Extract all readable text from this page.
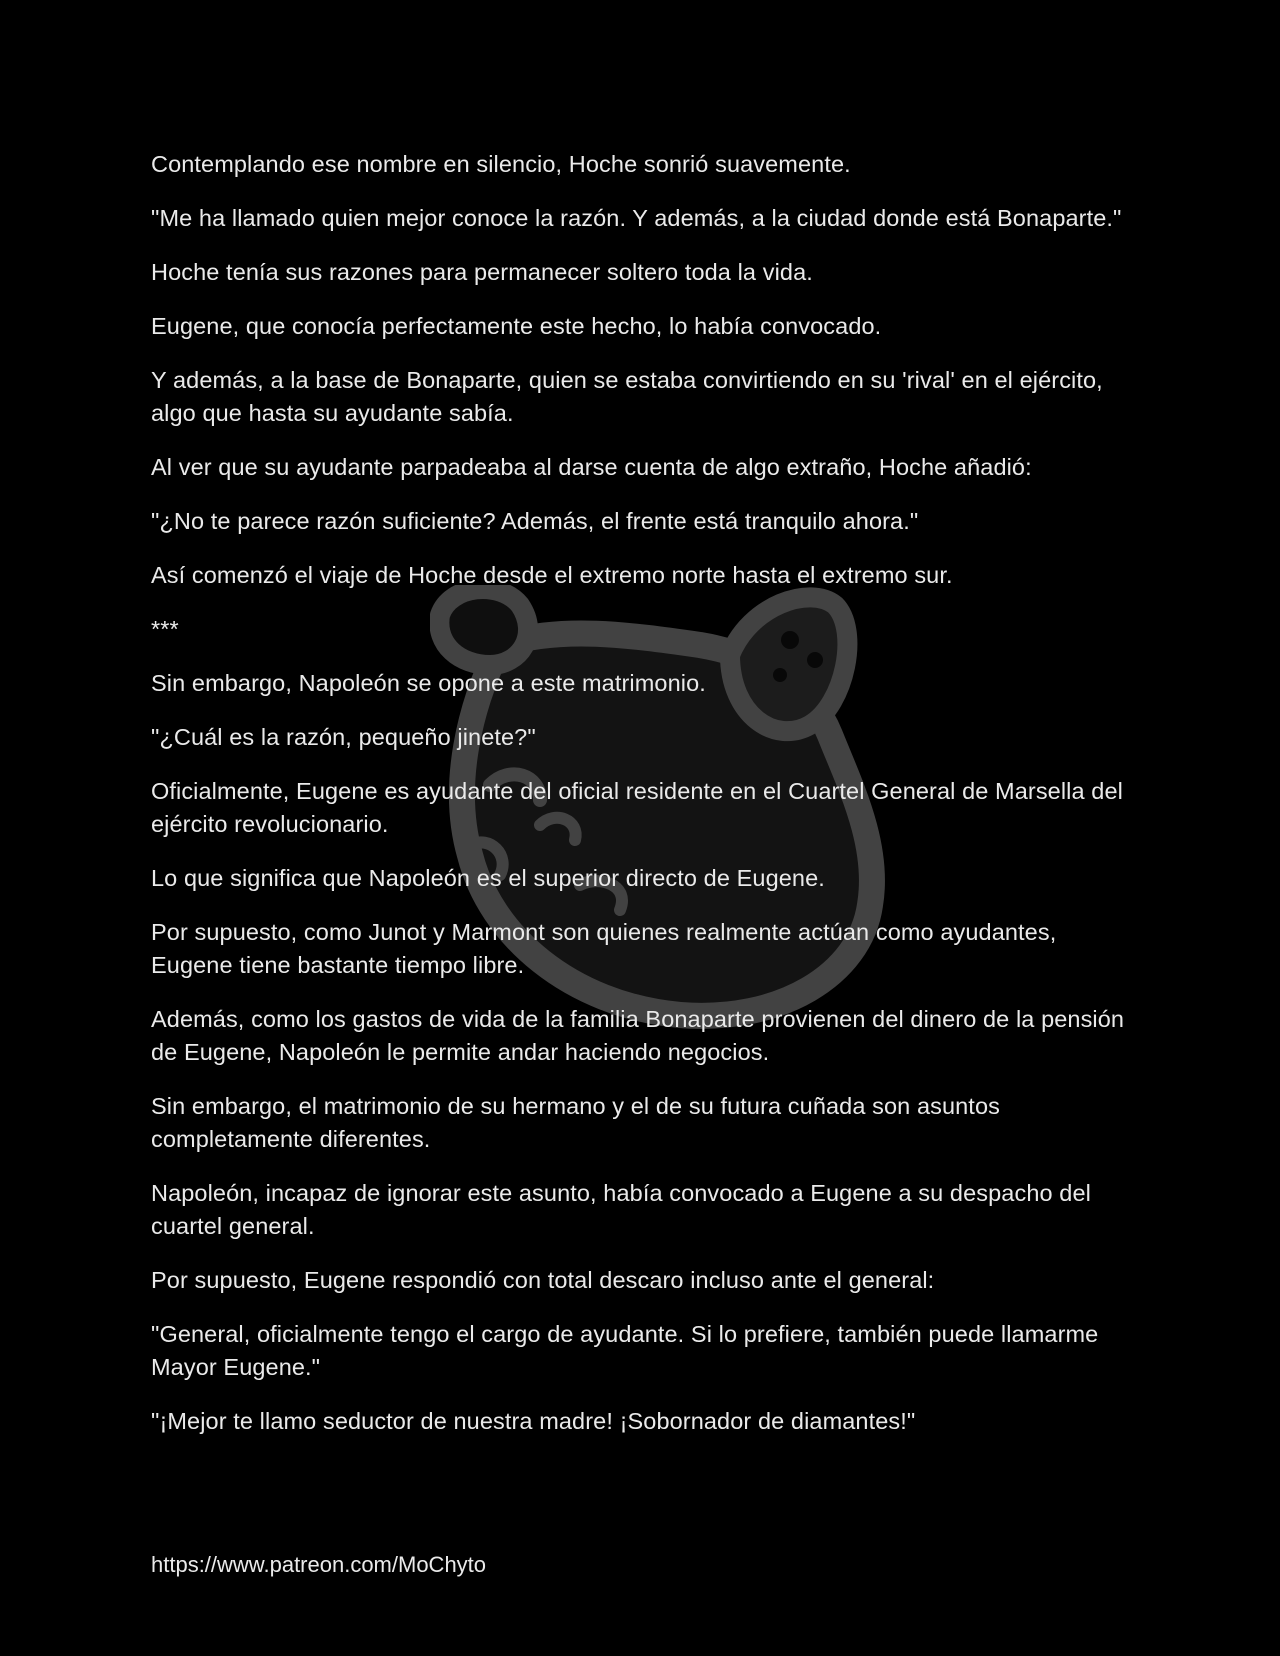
Contemplando ese nombre en silencio, Hoche sonrió suavemente.

"Me ha llamado quien mejor conoce la razón. Y además, a la ciudad donde está Bonaparte."

Hoche tenía sus razones para permanecer soltero toda la vida.

Eugene, que conocía perfectamente este hecho, lo había convocado.

Y además, a la base de Bonaparte, quien se estaba convirtiendo en su 'rival' en el ejército, algo que hasta su ayudante sabía.

Al ver que su ayudante parpadeaba al darse cuenta de algo extraño, Hoche añadió:

"¿No te parece razón suficiente? Además, el frente está tranquilo ahora."

Así comenzó el viaje de Hoche desde el extremo norte hasta el extremo sur.

***

Sin embargo, Napoleón se opone a este matrimonio.

"¿Cuál es la razón, pequeño jinete?"

Oficialmente, Eugene es ayudante del oficial residente en el Cuartel General de Marsella del ejército revolucionario.

Lo que significa que Napoleón es el superior directo de Eugene.

Por supuesto, como Junot y Marmont son quienes realmente actúan como ayudantes, Eugene tiene bastante tiempo libre.

Además, como los gastos de vida de la familia Bonaparte provienen del dinero de la pensión de Eugene, Napoleón le permite andar haciendo negocios.

Sin embargo, el matrimonio de su hermano y el de su futura cuñada son asuntos completamente diferentes.

Napoleón, incapaz de ignorar este asunto, había convocado a Eugene a su despacho del cuartel general.

Por supuesto, Eugene respondió con total descaro incluso ante el general:

"General, oficialmente tengo el cargo de ayudante. Si lo prefiere, también puede llamarme Mayor Eugene."

"¡Mejor te llamo seductor de nuestra madre! ¡Sobornador de diamantes!"

https://www.patreon.com/MoChyto
